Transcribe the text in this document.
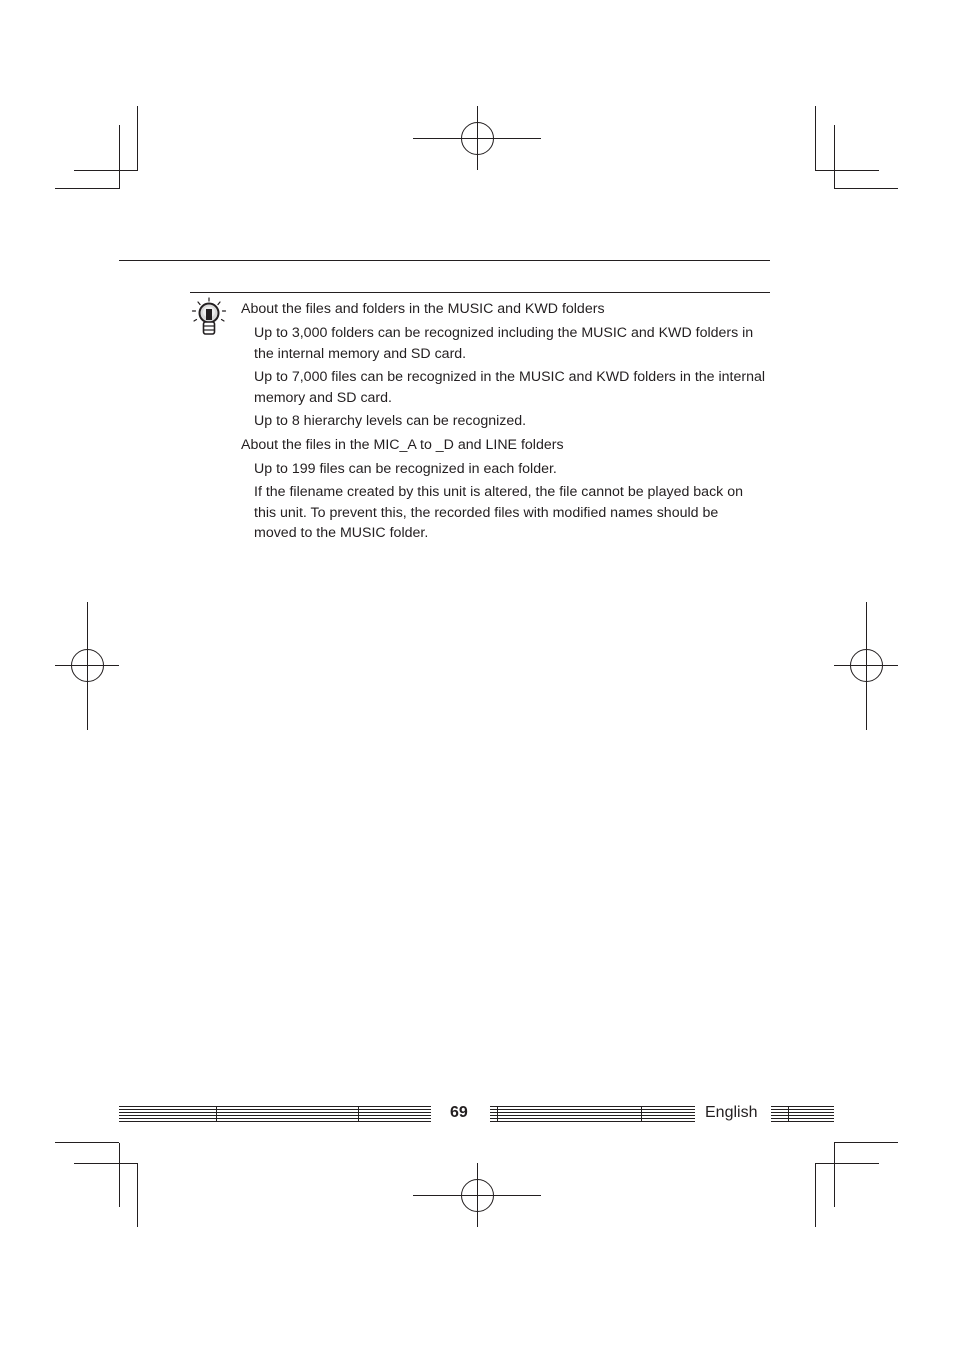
About the files and folders in the MUSIC and KWD folders
Up to 3,000 folders can be recognized including the MUSIC and KWD folders in
the internal memory and SD card.
Up to 7,000 files can be recognized in the MUSIC and KWD folders in the internal
memory and SD card.
Up to 8 hierarchy levels can be recognized.
About the files in the MIC_A to _D and LINE folders
Up to 199 files can be recognized in each folder.
If the filename created by this unit is altered, the file cannot be played back on
this unit. To prevent this, the recorded files with modified names should be
moved to the MUSIC folder.
69	English
